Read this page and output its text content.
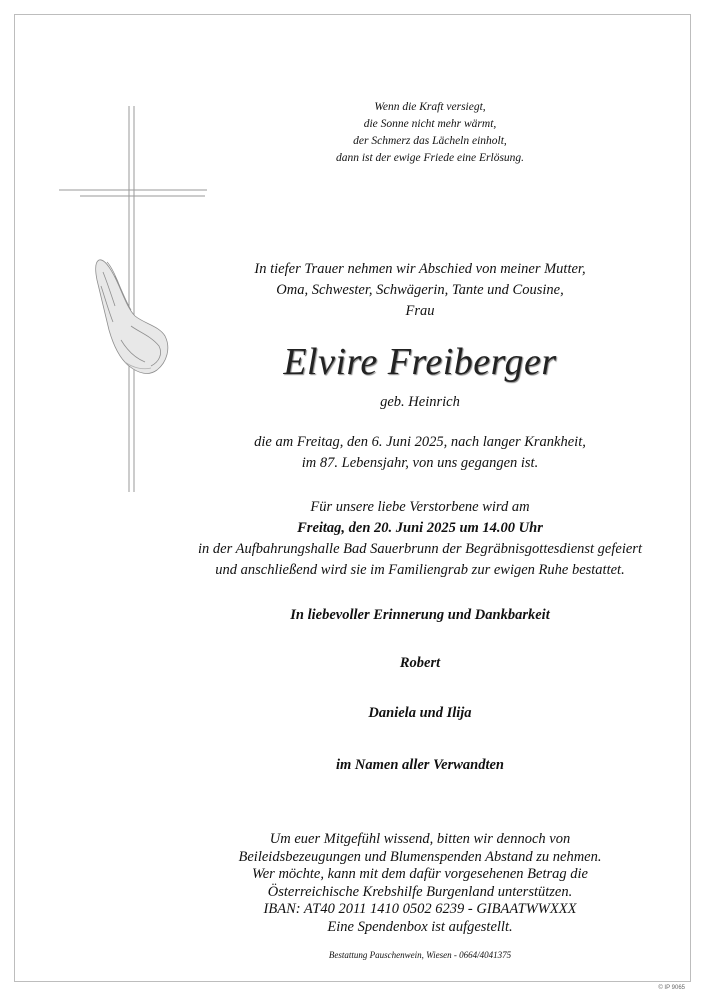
Wenn die Kraft versiegt,
die Sonne nicht mehr wärmt,
der Schmerz das Lächeln einholt,
dann ist der ewige Friede eine Erlösung.
In tiefer Trauer nehmen wir Abschied von meiner Mutter,
Oma, Schwester, Schwägerin, Tante und Cousine,
Frau
Elvire Freiberger
geb. Heinrich
die am Freitag, den 6. Juni 2025, nach langer Krankheit,
im 87. Lebensjahr, von uns gegangen ist.
Für unsere liebe Verstorbene wird am
Freitag, den 20. Juni 2025 um 14.00 Uhr
in der Aufbahrungshalle Bad Sauerbrunn der Begräbnisgottesdienst gefeiert
und anschließend wird sie im Familiengrab zur ewigen Ruhe bestattet.
In liebevoller Erinnerung und Dankbarkeit
Robert
Daniela und Ilija
im Namen aller Verwandten
Um euer Mitgefühl wissend, bitten wir dennoch von
Beileidsbezeugungen und Blumenspenden Abstand zu nehmen.
Wer möchte, kann mit dem dafür vorgesehenen Betrag die
Österreichische Krebshilfe Burgenland unterstützen.
IBAN: AT40 2011 1410 0502 6239 - GIBAATWWXXX
Eine Spendenbox ist aufgestellt.
Bestattung Pauschenwein, Wiesen - 0664/4041375
© IP 9065
